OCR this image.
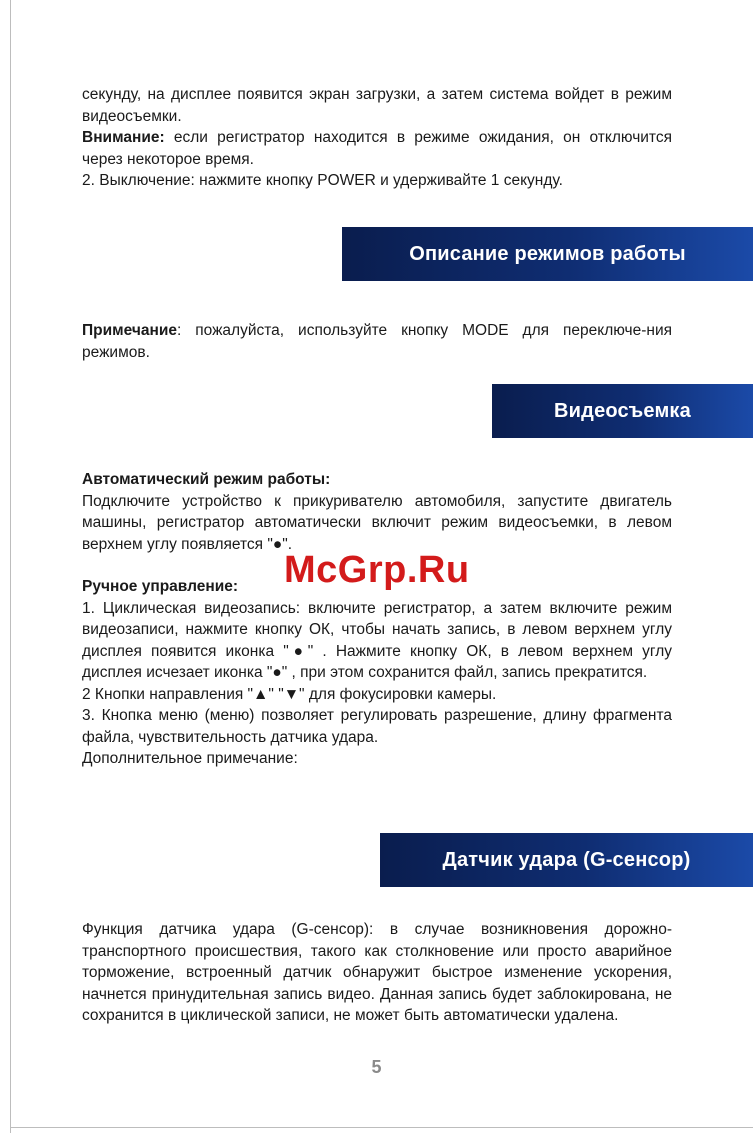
секунду, на дисплее появится экран загрузки, а затем система войдет в режим видеосъемки.

Внимание: если регистратор находится в режиме ожидания, он отключится через некоторое время.

2. Выключение: нажмите кнопку POWER и удерживайте 1 секунду.

Описание режимов работы

Примечание: пожалуйста, используйте кнопку MODE для переключе-ния режимов.

Видеосъемка

Автоматический режим работы:

Подключите устройство к прикуривателю автомобиля, запустите двигатель машины, регистратор автоматически включит режим видеосъемки, в левом верхнем углу появляется "●".

Ручное управление:

1. Циклическая видеозапись: включите регистратор, а затем включите режим видеозаписи, нажмите кнопку ОК, чтобы начать запись, в левом верхнем углу дисплея появится иконка "●" . Нажмите кнопку ОК, в левом верхнем углу дисплея исчезает иконка "●" , при этом сохранится файл, запись прекратится.

2 Кнопки направления "▲" "▼" для фокусировки камеры.

3. Кнопка меню (меню) позволяет регулировать разрешение, длину фрагмента файла, чувствительность датчика удара.

Дополнительное примечание:

Датчик удара (G-сенсор)

Функция датчика удара (G-сенсор): в случае возникновения дорожно-транспортного происшествия, такого как столкновение или просто аварийное торможение, встроенный датчик обнаружит быстрое изменение ускорения, начнется принудительная запись видео. Данная запись будет заблокирована, не сохранится в циклической записи, не может быть автоматически удалена.

McGrp.Ru
5
